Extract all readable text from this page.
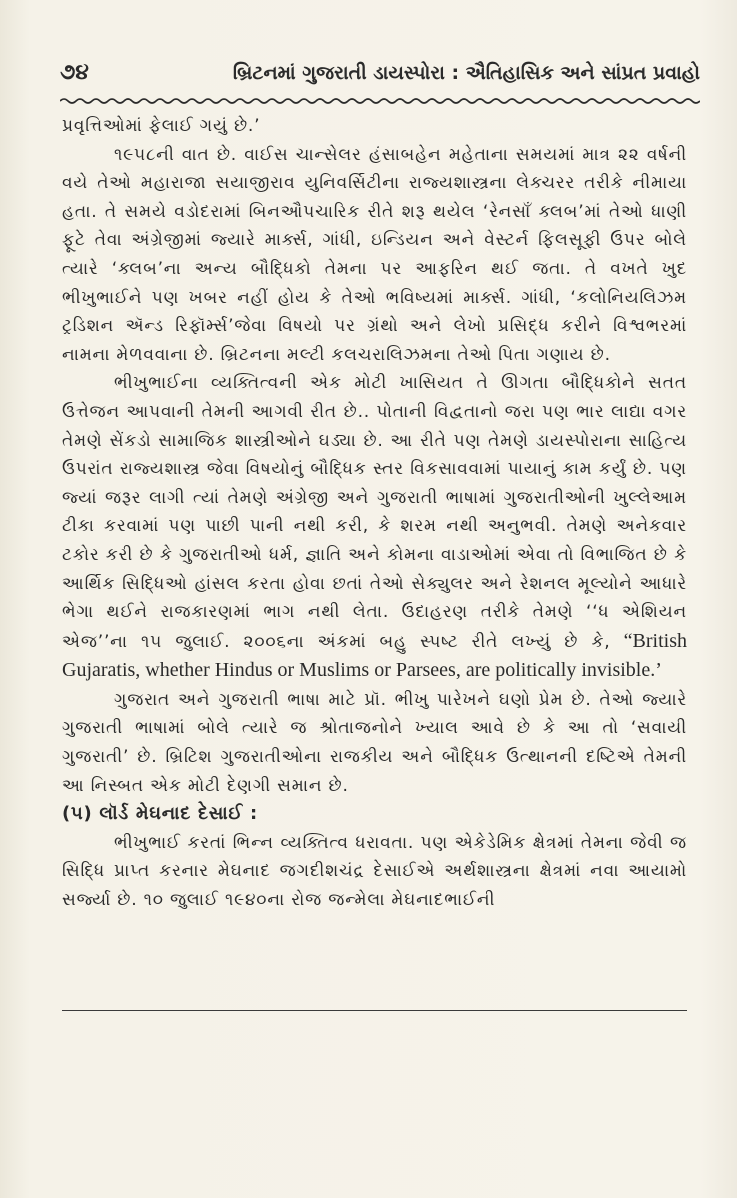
૭૪	બ્રિટનમાં ગુજરાતી ડાયસ્પોરા : ઐતિહાસિક અને સાંપ્રત પ્રવાહો

પ્રવૃત્તિઓમાં ફેલાઈ ગયું છે.’

૧૯૫૮ની વાત છે. વાઈસ ચાન્સેલર હંસાબહેન મહેતાના સમયમાં માત્ર ૨૨ વર્ષની વયે તેઓ મહારાજા સયાજીરાવ યુનિવર્સિટીના રાજ્યશાસ્ત્રના લેક્ચરર તરીકે નીમાયા હતા. તે સમયે વડોદરામાં બિનઔપચારિક રીતે શરૂ થયેલ ‘રેનસાઁ ક્લબ’માં તેઓ ધાણી ફૂટે તેવા અંગ્રેજીમાં જ્યારે માર્ક્સ, ગાંધી, ઇન્ડિયન અને વેસ્ટર્ન ફિલસૂફી ઉપર બોલે ત્યારે ‘ક્લબ’ના અન્ય બૌદ્ધિકો તેમના પર આફરિન થઈ જતા. તે વખતે ખુદ ભીખુભાઈને પણ ખબર નહીં હોય કે તેઓ ભવિષ્યમાં માર્ક્સ. ગાંધી, ‘કલોનિયલિઝમ ટ્રડિશન ઍન્ડ રિફૉર્મ્સ’જેવા વિષયો પર ગ્રંથો અને લેખો પ્રસિદ્ધ કરીને વિશ્વભરમાં નામના મેળવવાના છે. બ્રિટનના મલ્ટી કલચરાલિઝમના તેઓ પિતા ગણાય છે.

ભીખુભાઈના વ્યક્તિત્વની એક મોટી ખાસિયત તે ઊગતા બૌદ્ધિકોને સતત ઉત્તેજન આપવાની તેમની આગવી રીત છે.. પોતાની વિદ્વતાનો જરા પણ ભાર લાદ્યા વગર તેમણે સેંકડો સામાજિક શાસ્ત્રીઓને ઘડ્યા છે. આ રીતે પણ તેમણે ડાયસ્પોરાના સાહિત્ય ઉપરાંત રાજ્યશાસ્ત્ર જેવા વિષયોનું બૌદ્ધિક સ્તર વિકસાવવામાં પાયાનું કામ કર્યું છે. પણ જ્યાં જરૂર લાગી ત્યાં તેમણે અંગ્રેજી અને ગુજરાતી ભાષામાં ગુજરાતીઓની ખુલ્લેઆમ ટીકા કરવામાં પણ પાછી પાની નથી કરી, કે શરમ નથી અનુભવી. તેમણે અનેકવાર ટકોર કરી છે કે ગુજરાતીઓ ધર્મ, જ્ઞાતિ અને કોમના વાડાઓમાં એવા તો વિભાજિત છે કે આર્થિક સિદ્ધિઓ હાંસલ કરતા હોવા છતાં તેઓ સેક્યુલર અને રેશનલ મૂલ્યોને આધારે ભેગા થઈને રાજકારણમાં ભાગ નથી લેતા. ઉદાહરણ તરીકે તેમણે ‘‘ધ એશિયન એજ’’ના ૧૫ જુલાઈ. ૨૦૦૬ના અંકમાં બહુ સ્પષ્ટ રીતે લખ્યું છે કે, “British Gujaratis, whether Hindus or Muslims or Parsees, are politically invisible.’

ગુજરાત અને ગુજરાતી ભાષા માટે પ્રૉ. ભીખુ પારેખને ઘણો પ્રેમ છે. તેઓ જ્યારે ગુજરાતી ભાષામાં બોલે ત્યારે જ શ્રોતાજનોને ખ્યાલ આવે છે કે આ તો ‘સવાયી ગુજરાતી’ છે. બ્રિટિશ ગુજરાતીઓના રાજકીય અને બૌદ્ધિક ઉત્થાનની દષ્ટિએ તેમની આ નિસ્બત એક મોટી દેણગી સમાન છે.

(૫) લૉર્ડ મેઘનાદ દેસાઈ :

ભીખુભાઈ કરતાં ભિન્ન વ્યક્તિત્વ ધરાવતા. પણ એકેડેમિક ક્ષેત્રમાં તેમના જેવી જ સિદ્ધિ પ્રાપ્ત કરનાર મેઘનાદ જગદીશચંદ્ર દેસાઈએ અર્થશાસ્ત્રના ક્ષેત્રમાં નવા આયામો સર્જ્યા છે. ૧૦ જુલાઈ ૧૯૪૦ના રોજ જન્મેલા મેઘનાદભાઈની
